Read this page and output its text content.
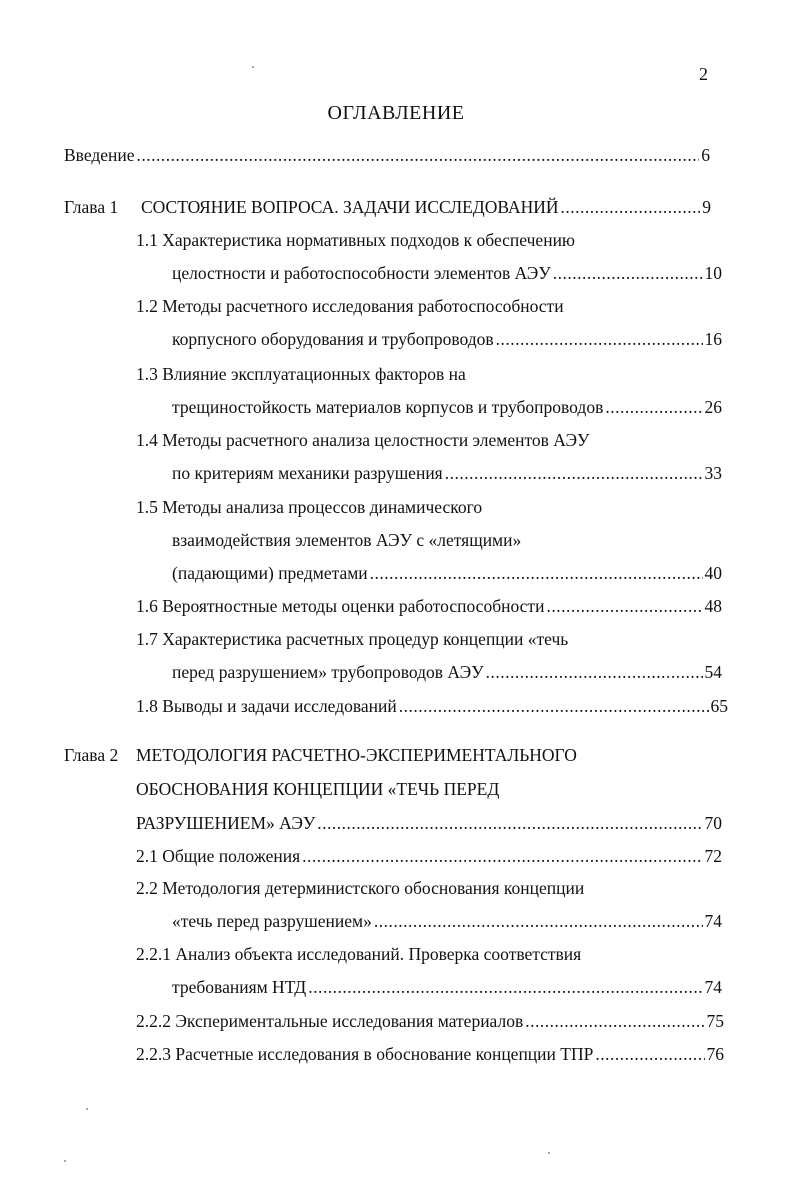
2
ОГЛАВЛЕНИЕ
Введение .....	6
Глава 1 СОСТОЯНИЕ ВОПРОСА. ЗАДАЧИ ИССЛЕДОВАНИЙ .....	9
1.1 Характеристика нормативных подходов к обеспечению
целостности и работоспособности элементов АЭУ .....	10
1.2 Методы расчетного исследования работоспособности
корпусного оборудования и трубопроводов .....	16
1.3 Влияние эксплуатационных факторов на
трещиностойкость материалов корпусов и трубопроводов .....	26
1.4 Методы расчетного анализа целостности элементов АЭУ
по критериям механики разрушения .....	33
1.5 Методы анализа процессов динамического
взаимодействия элементов АЭУ с «летящими»
(падающими) предметами .....	40
1.6 Вероятностные методы оценки работоспособности .....	48
1.7 Характеристика расчетных процедур концепции «течь
перед разрушением» трубопроводов АЭУ .....	54
1.8 Выводы и задачи исследований .....	65
Глава 2 МЕТОДОЛОГИЯ РАСЧЕТНО-ЭКСПЕРИМЕНТАЛЬНОГО
ОБОСНОВАНИЯ КОНЦЕПЦИИ «ТЕЧЬ ПЕРЕД
РАЗРУШЕНИЕМ» АЭУ .....	70
2.1 Общие положения .....	72
2.2 Методология детерминистского обоснования концепции
«течь перед разрушением» .....	74
2.2.1 Анализ объекта исследований. Проверка соответствия
требованиям НТД .....	74
2.2.2 Экспериментальные исследования материалов .....	75
2.2.3 Расчетные исследования в обоснование концепции ТПР .....	76
